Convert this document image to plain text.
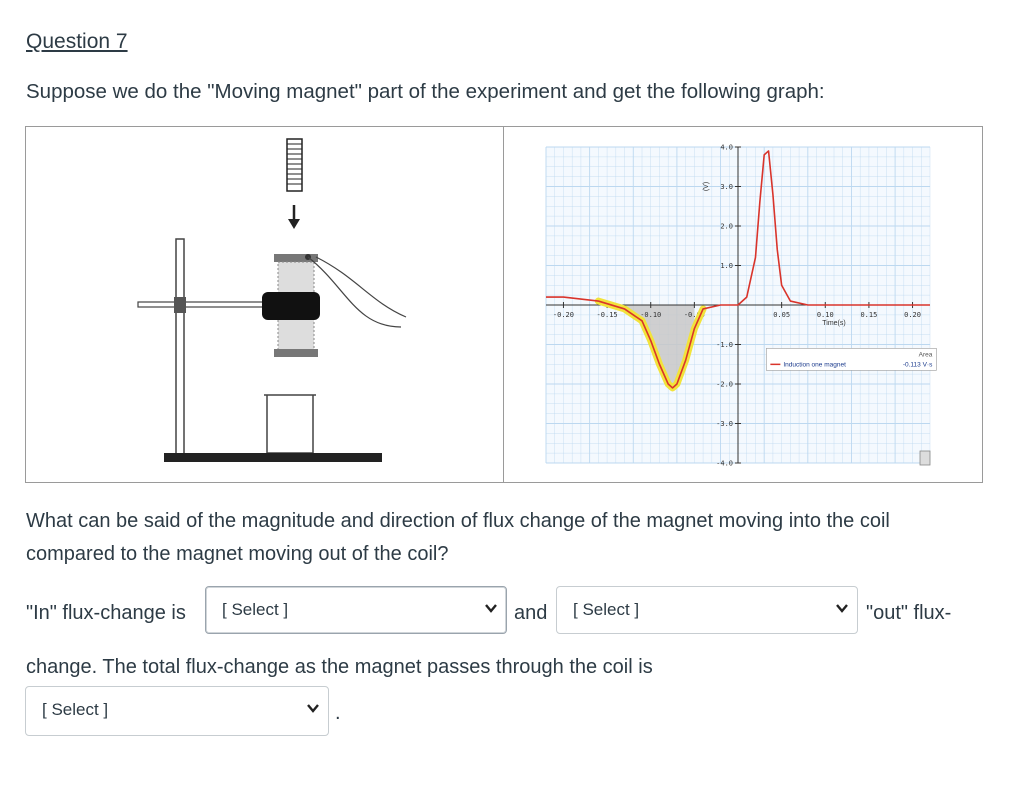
Question 7
Suppose we do the "Moving magnet" part of the experiment and get the following graph:
-0.20	-0.15	-0.10	-0.05	0.05	0.10	0.15	0.20
4.0
3.0
2.0
1.0
-1.0
-2.0
-3.0
-4.0
Time(s)
(V)
Area
Induction one magnet	-0.113 V·s
What can be said of the magnitude and direction of flux change of the magnet moving into the coil
compared to the magnet moving out of the coil?
"In" flux-change is [ Select ]	and [ Select ]	"out" flux-
change. The total flux-change as the magnet passes through the coil is
[ Select ]	.
